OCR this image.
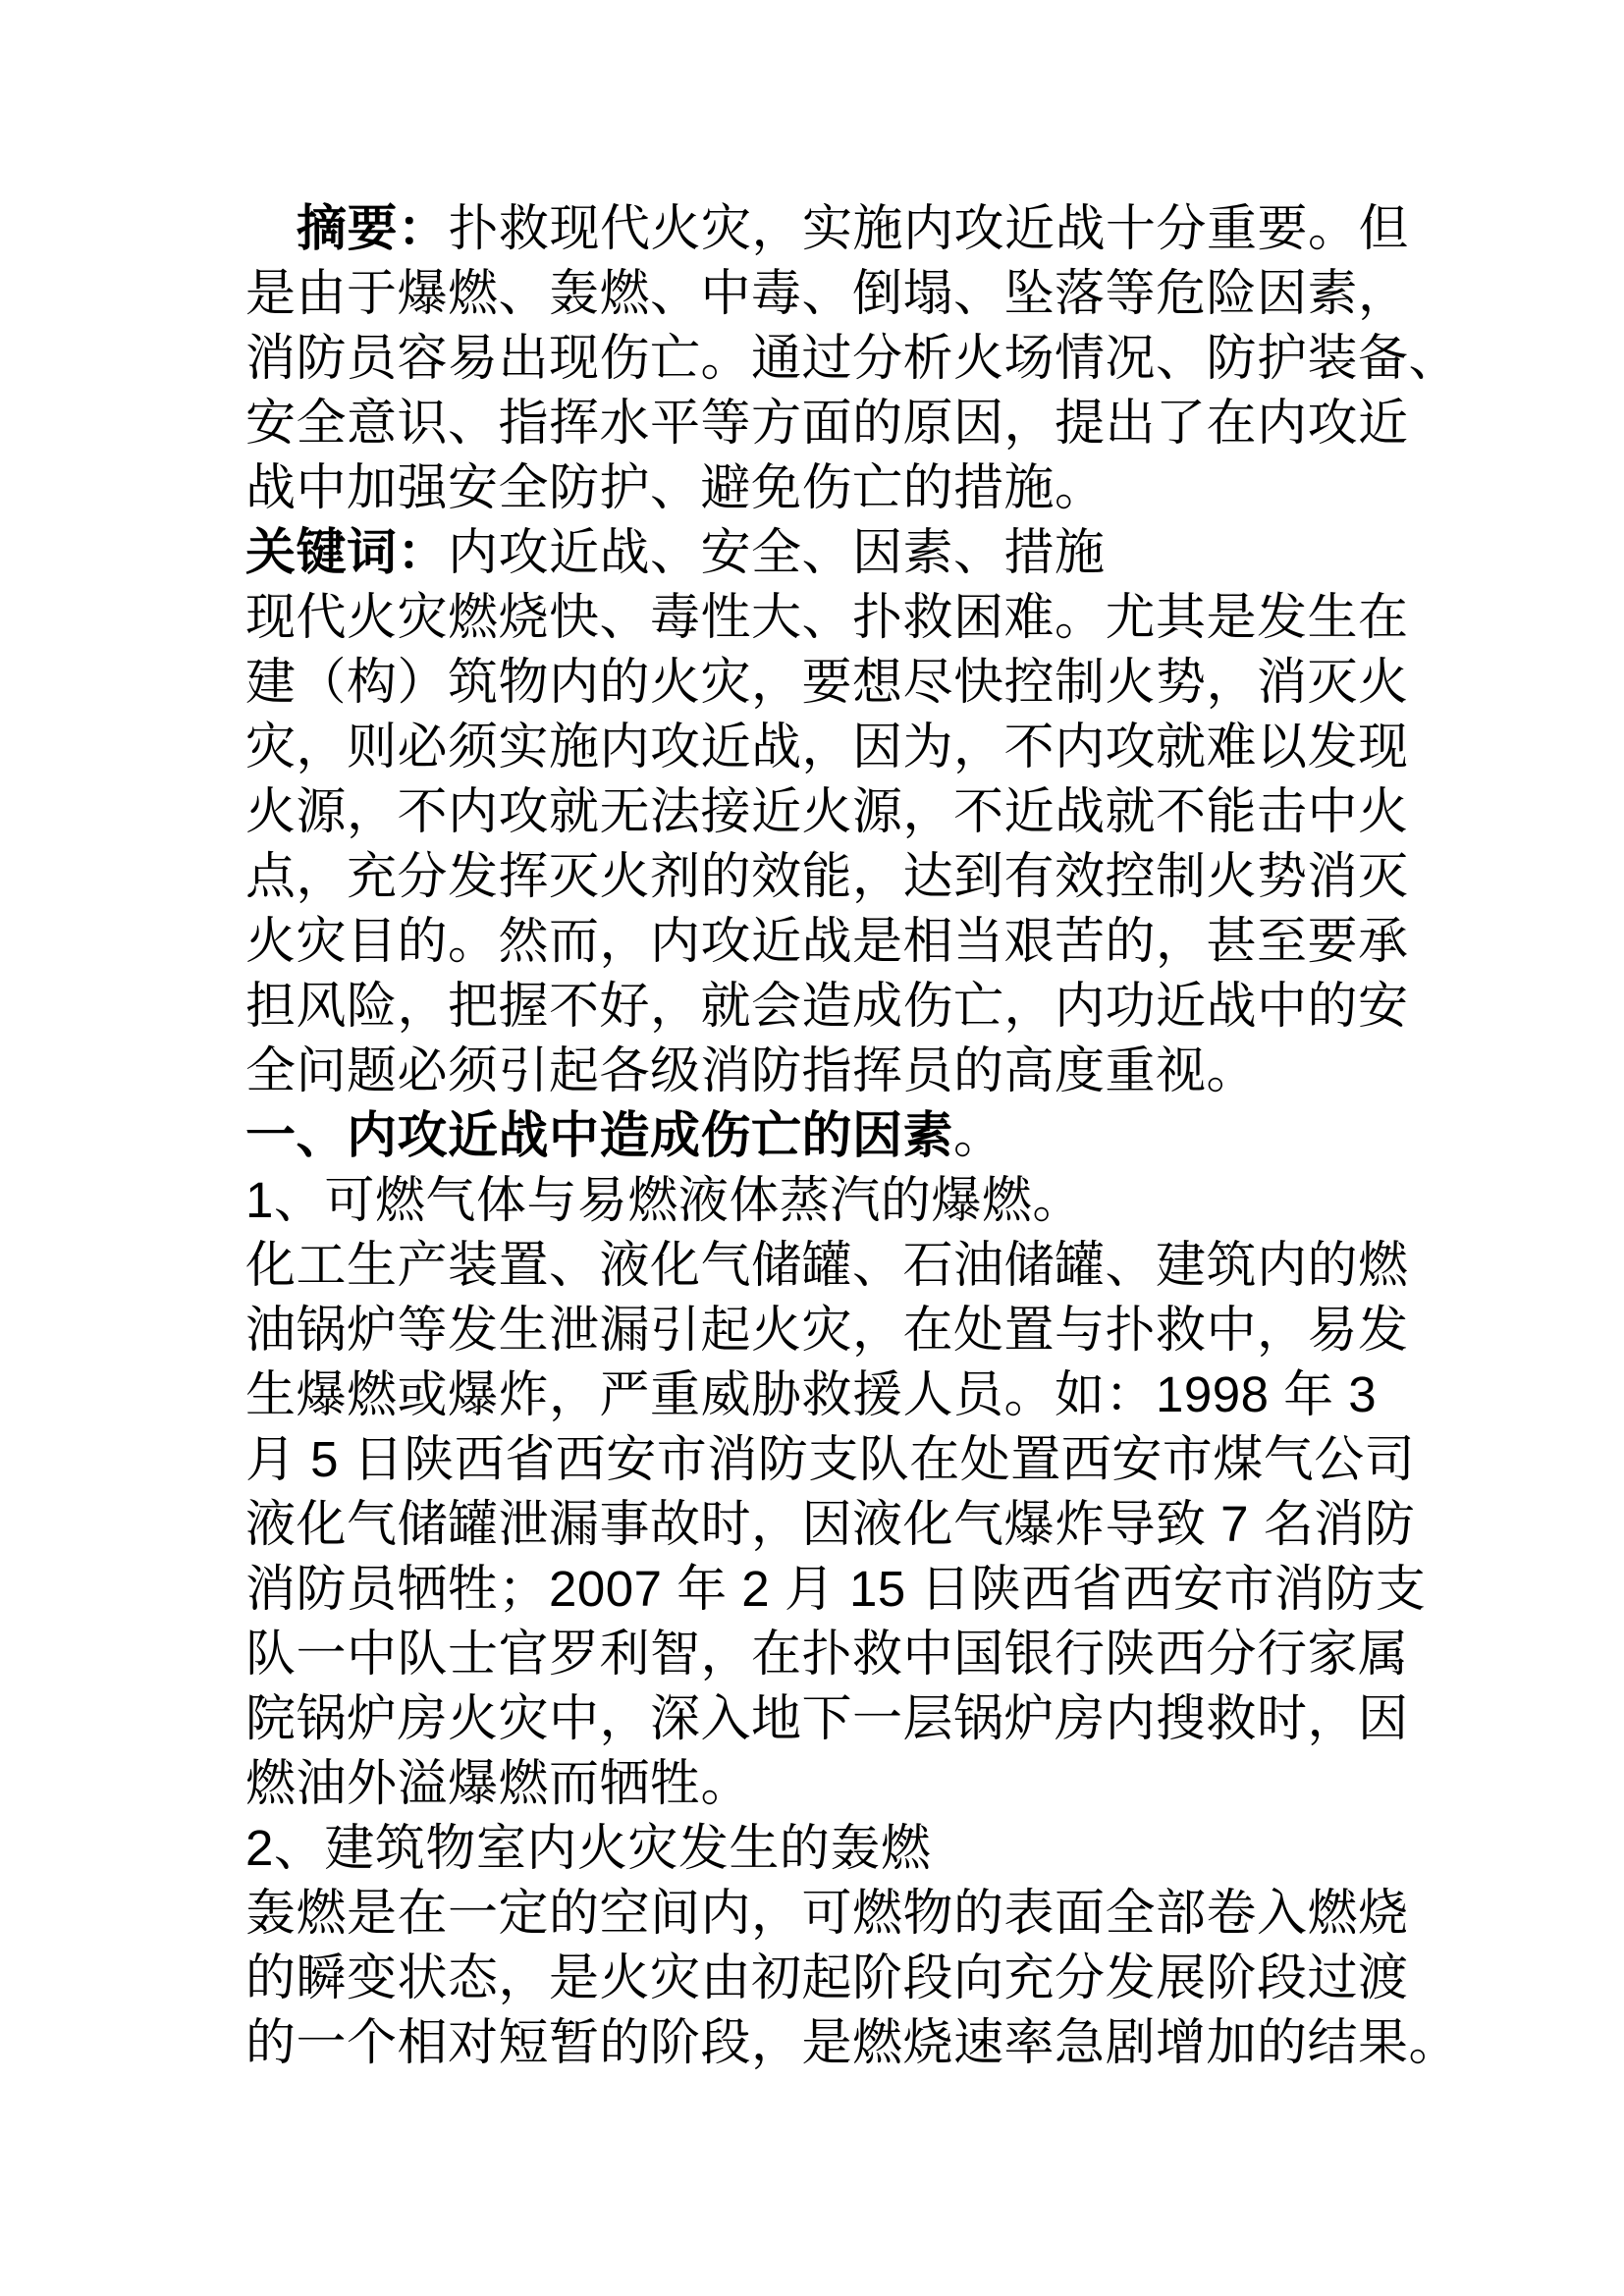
摘要：扑救现代火灾，实施内攻近战十分重要。但
是由于爆燃、轰燃、中毒、倒塌、坠落等危险因素，
消防员容易出现伤亡。通过分析火场情况、防护装备、
安全意识、指挥水平等方面的原因，提出了在内攻近
战中加强安全防护、避免伤亡的措施。
关键词：内攻近战、安全、因素、措施
现代火灾燃烧快、毒性大、扑救困难。尤其是发生在
建（构）筑物内的火灾，要想尽快控制火势，消灭火
灾，则必须实施内攻近战，因为，不内攻就难以发现
火源，不内攻就无法接近火源，不近战就不能击中火
点，充分发挥灭火剂的效能，达到有效控制火势消灭
火灾目的。然而，内攻近战是相当艰苦的，甚至要承
担风险，把握不好，就会造成伤亡，内功近战中的安
全问题必须引起各级消防指挥员的高度重视。
一、内攻近战中造成伤亡的因素。
1、可燃气体与易燃液体蒸汽的爆燃。
化工生产装置、液化气储罐、石油储罐、建筑内的燃
油锅炉等发生泄漏引起火灾，在处置与扑救中，易发
生爆燃或爆炸，严重威胁救援人员。如：1998 年 3
月 5 日陕西省西安市消防支队在处置西安市煤气公司
液化气储罐泄漏事故时，因液化气爆炸导致 7 名消防
消防员牺牲；2007 年 2 月 15 日陕西省西安市消防支
队一中队士官罗利智，在扑救中国银行陕西分行家属
院锅炉房火灾中，深入地下一层锅炉房内搜救时，因
燃油外溢爆燃而牺牲。
2、建筑物室内火灾发生的轰燃
轰燃是在一定的空间内，可燃物的表面全部卷入燃烧
的瞬变状态，是火灾由初起阶段向充分发展阶段过渡
的一个相对短暂的阶段，是燃烧速率急剧增加的结果。
